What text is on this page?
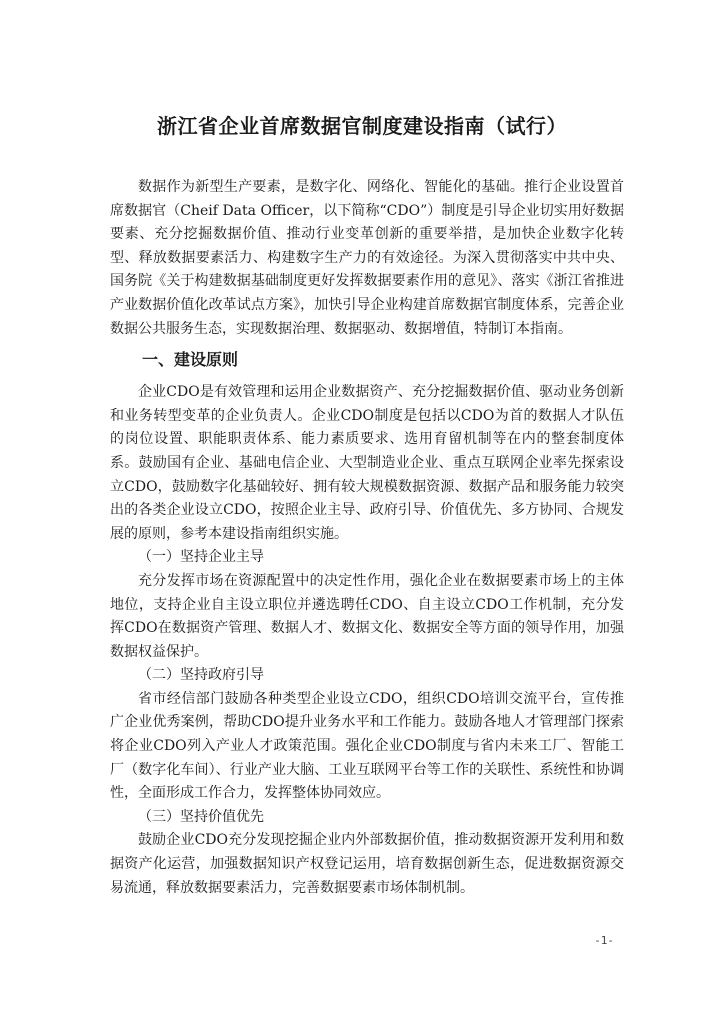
浙江省企业首席数据官制度建设指南（试行）

数据作为新型生产要素，是数字化、网络化、智能化的基础。推行企业设置首席数据官（Cheif Data Officer，以下简称“CDO”）制度是引导企业切实用好数据要素、充分挖掘数据价值、推动行业变革创新的重要举措，是加快企业数字化转型、释放数据要素活力、构建数字生产力的有效途径。为深入贯彻落实中共中央、国务院《关于构建数据基础制度更好发挥数据要素作用的意见》、落实《浙江省推进产业数据价值化改革试点方案》，加快引导企业构建首席数据官制度体系，完善企业数据公共服务生态，实现数据治理、数据驱动、数据增值，特制订本指南。

一、建设原则

企业CDO是有效管理和运用企业数据资产、充分挖掘数据价值、驱动业务创新和业务转型变革的企业负责人。企业CDO制度是包括以CDO为首的数据人才队伍的岗位设置、职能职责体系、能力素质要求、选用育留机制等在内的整套制度体系。鼓励国有企业、基础电信企业、大型制造业企业、重点互联网企业率先探索设立CDO，鼓励数字化基础较好、拥有较大规模数据资源、数据产品和服务能力较突出的各类企业设立CDO，按照企业主导、政府引导、价值优先、多方协同、合规发展的原则，参考本建设指南组织实施。

（一）坚持企业主导

充分发挥市场在资源配置中的决定性作用，强化企业在数据要素市场上的主体地位，支持企业自主设立职位并遴选聘任CDO、自主设立CDO工作机制，充分发挥CDO在数据资产管理、数据人才、数据文化、数据安全等方面的领导作用，加强数据权益保护。

（二）坚持政府引导

省市经信部门鼓励各种类型企业设立CDO，组织CDO培训交流平台，宣传推广企业优秀案例，帮助CDO提升业务水平和工作能力。鼓励各地人才管理部门探索将企业CDO列入产业人才政策范围。强化企业CDO制度与省内未来工厂、智能工厂（数字化车间）、行业产业大脑、工业互联网平台等工作的关联性、系统性和协调性，全面形成工作合力，发挥整体协同效应。

（三）坚持价值优先

鼓励企业CDO充分发现挖掘企业内外部数据价值，推动数据资源开发利用和数据资产化运营，加强数据知识产权登记运用，培育数据创新生态，促进数据资源交易流通，释放数据要素活力，完善数据要素市场体制机制。

-1-
